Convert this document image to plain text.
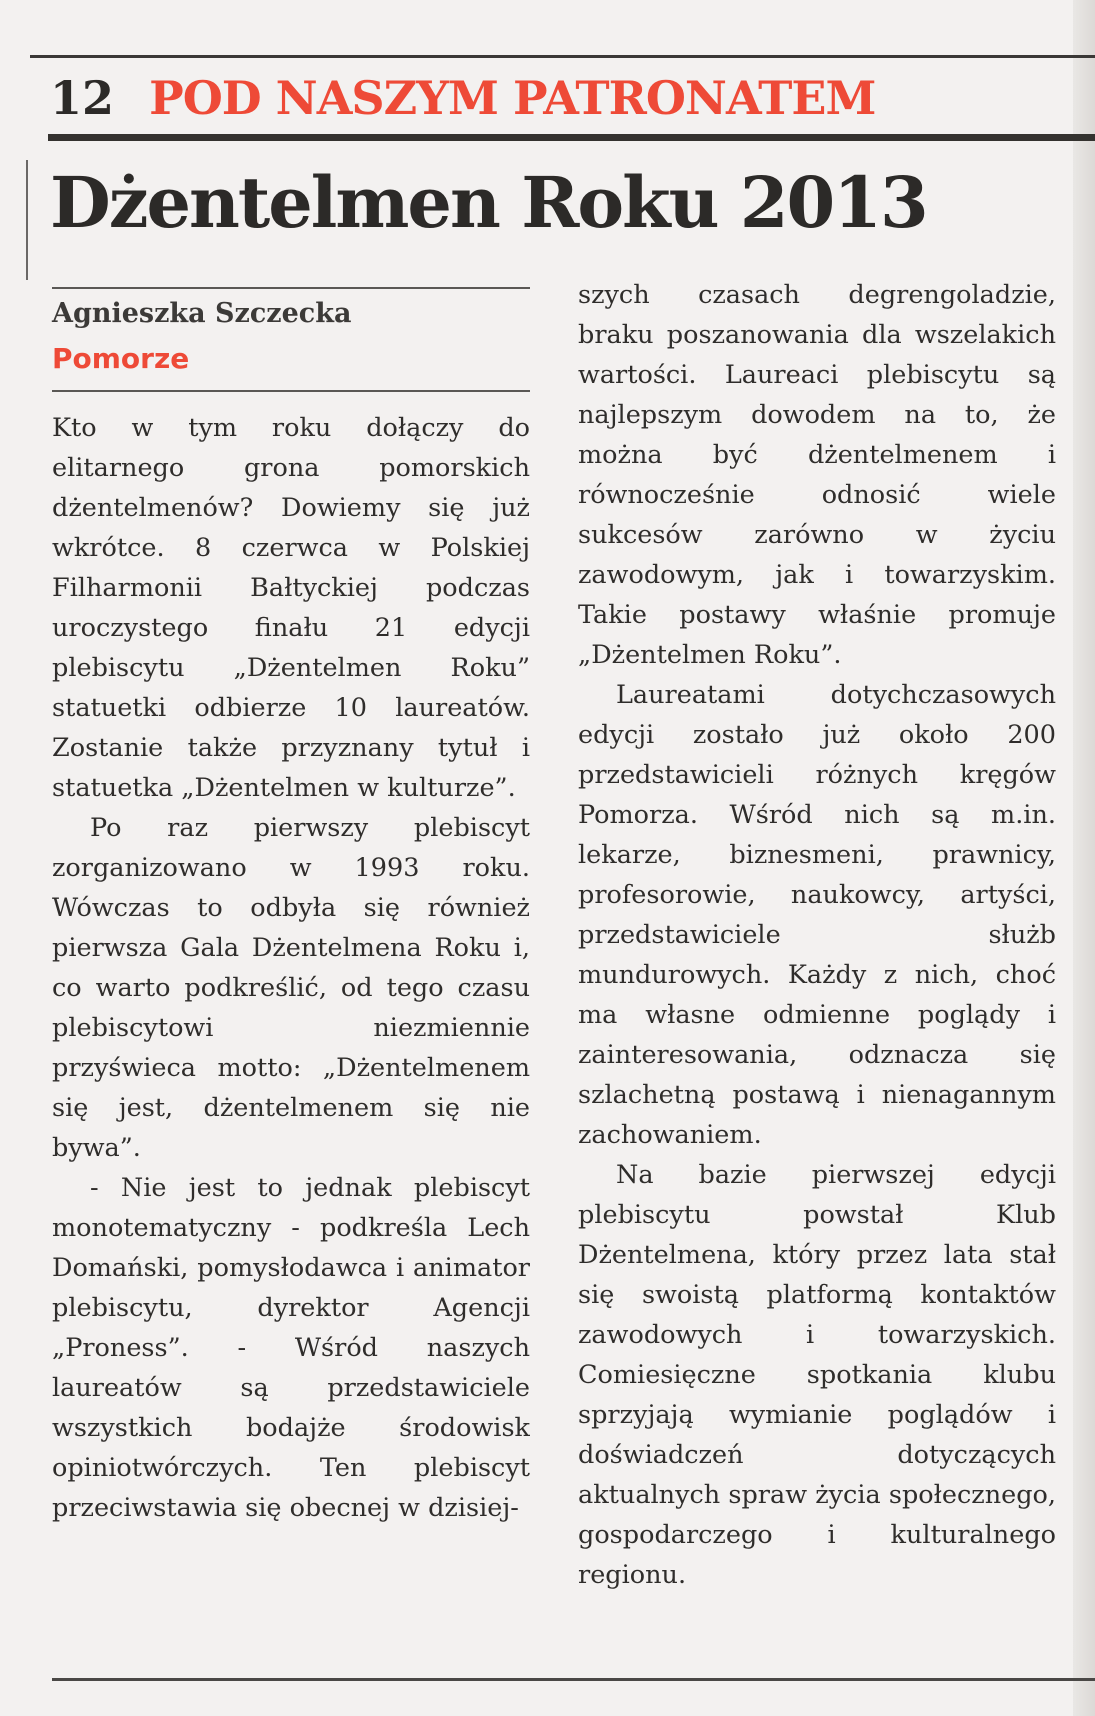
12 POD NASZYM PATRONATEM
Dżentelmen Roku 2013
Agnieszka Szczecka
Pomorze

Kto w tym roku dołączy do elitarnego grona pomorskich dżentelmenów? Dowiemy się już wkrótce. 8 czerwca w Polskiej Filharmonii Bałtyckiej podczas uroczystego finału 21 edycji plebiscytu „Dżentelmen Roku” statuetki odbierze 10 laureatów. Zostanie także przyznany tytuł i statuetka „Dżentelmen w kulturze”.

Po raz pierwszy plebiscyt zorganizowano w 1993 roku. Wówczas to odbyła się również pierwsza Gala Dżentelmena Roku i, co warto podkreślić, od tego czasu plebiscytowi niezmiennie przyświeca motto: „Dżentelmenem się jest, dżentelmenem się nie bywa”.

- Nie jest to jednak plebiscyt monotematyczny - podkreśla Lech Domański, pomysłodawca i animator plebiscytu, dyrektor Agencji „Proness”. - Wśród naszych laureatów są przedstawiciele wszystkich bodajże środowisk opiniotwórczych. Ten plebiscyt przeciwstawia się obecnej w dzisiej-

szych czasach degrengoladzie, braku poszanowania dla wszelakich wartości. Laureaci plebiscytu są najlepszym dowodem na to, że można być dżentelmenem i równocześnie odnosić wiele sukcesów zarówno w życiu zawodowym, jak i towarzyskim. Takie postawy właśnie promuje „Dżentelmen Roku”.

Laureatami dotychczasowych edycji zostało już około 200 przedstawicieli różnych kręgów Pomorza. Wśród nich są m.in. lekarze, biznesmeni, prawnicy, profesorowie, naukowcy, artyści, przedstawiciele służb mundurowych. Każdy z nich, choć ma własne odmienne poglądy i zainteresowania, odznacza się szlachetną postawą i nienagannym zachowaniem.

Na bazie pierwszej edycji plebiscytu powstał Klub Dżentelmena, który przez lata stał się swoistą platformą kontaktów zawodowych i towarzyskich. Comiesięczne spotkania klubu sprzyjają wymianie poglądów i doświadczeń dotyczących aktualnych spraw życia społecznego, gospodarczego i kulturalnego regionu.
